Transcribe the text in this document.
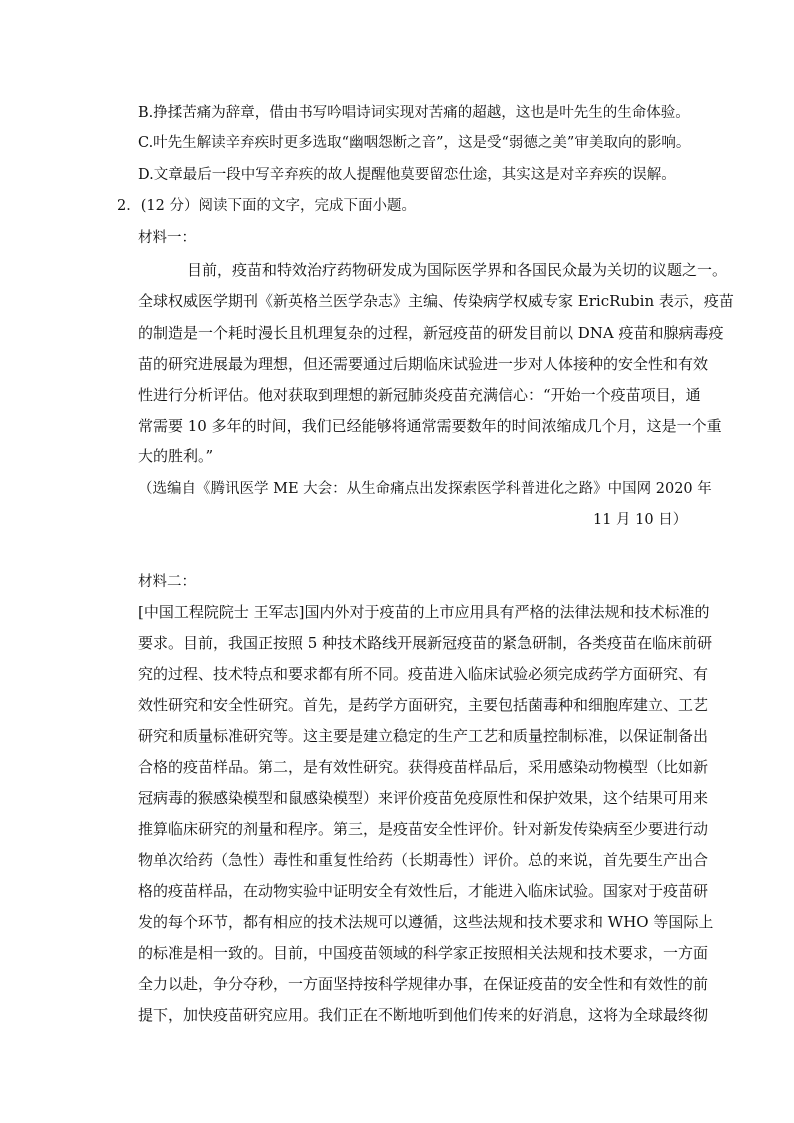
B.挣揉苦痛为辞章，借由书写吟唱诗词实现对苦痛的超越，这也是叶先生的生命体验。
C.叶先生解读辛弃疾时更多选取“幽咽怨断之音”，这是受“弱德之美”审美取向的影响。
D.文章最后一段中写辛弃疾的故人提醒他莫要留恋仕途，其实这是对辛弃疾的误解。
2．(12 分）阅读下面的文字，完成下面小题。
材料一：
目前，疫苗和特效治疗药物研发成为国际医学界和各国民众最为关切的议题之一。
全球权威医学期刊《新英格兰医学杂志》主编、传染病学权威专家 EricRubin 表示，疫苗
的制造是一个耗时漫长且机理复杂的过程，新冠疫苗的研发目前以 DNA 疫苗和腺病毒疫
苗的研究进展最为理想，但还需要通过后期临床试验进一步对人体接种的安全性和有效
性进行分析评估。他对获取到理想的新冠肺炎疫苗充满信心：“开始一个疫苗项目，通
常需要 10 多年的时间，我们已经能够将通常需要数年的时间浓缩成几个月，这是一个重
大的胜利。”
（选编自《腾讯医学 ME 大会：从生命痛点出发探索医学科普进化之路》中国网 2020 年
11 月 10 日）
材料二：
[中国工程院院士 王军志]国内外对于疫苗的上市应用具有严格的法律法规和技术标准的
要求。目前，我国正按照 5 种技术路线开展新冠疫苗的紧急研制，各类疫苗在临床前研
究的过程、技术特点和要求都有所不同。疫苗进入临床试验必须完成药学方面研究、有
效性研究和安全性研究。首先，是药学方面研究，主要包括菌毒种和细胞库建立、工艺
研究和质量标准研究等。这主要是建立稳定的生产工艺和质量控制标准，以保证制备出
合格的疫苗样品。第二，是有效性研究。获得疫苗样品后，采用感染动物模型（比如新
冠病毒的猴感染模型和鼠感染模型）来评价疫苗免疫原性和保护效果，这个结果可用来
推算临床研究的剂量和程序。第三，是疫苗安全性评价。针对新发传染病至少要进行动
物单次给药（急性）毒性和重复性给药（长期毒性）评价。总的来说，首先要生产出合
格的疫苗样品，在动物实验中证明安全有效性后，才能进入临床试验。国家对于疫苗研
发的每个环节，都有相应的技术法规可以遵循，这些法规和技术要求和 WHO 等国际上
的标准是相一致的。目前，中国疫苗领域的科学家正按照相关法规和技术要求，一方面
全力以赴，争分夺秒，一方面坚持按科学规律办事，在保证疫苗的安全性和有效性的前
提下，加快疫苗研究应用。我们正在不断地听到他们传来的好消息，这将为全球最终彻
